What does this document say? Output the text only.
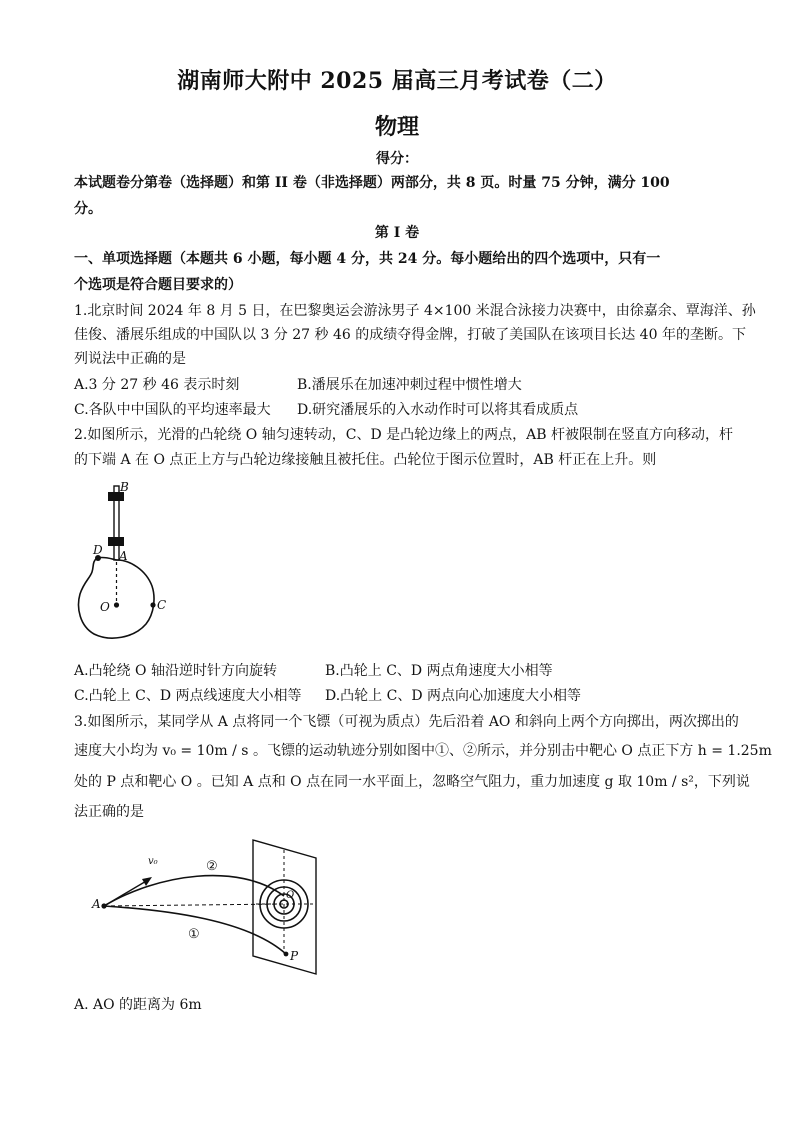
湖南师大附中 2025 届高三月考试卷（二）
物理
得分：
本试题卷分第卷（选择题）和第 II 卷（非选择题）两部分，共 8 页。时量 75 分钟，满分 100
分。
第 I 卷
一、单项选择题（本题共 6 小题，每小题 4 分，共 24 分。每小题给出的四个选项中，只有一
个选项是符合题目要求的）
1.北京时间 2024 年 8 月 5 日，在巴黎奥运会游泳男子 4×100 米混合泳接力决赛中，由徐嘉余、覃海洋、孙
佳俊、潘展乐组成的中国队以 3 分 27 秒 46 的成绩夺得金牌，打破了美国队在该项目长达 40 年的垄断。下
列说法中正确的是
A.3 分 27 秒 46 表示时刻	B.潘展乐在加速冲刺过程中惯性增大
C.各队中中国队的平均速率最大 D.研究潘展乐的入水动作时可以将其看成质点
2.如图所示，光滑的凸轮绕 O 轴匀速转动，C、D 是凸轮边缘上的两点，AB 杆被限制在竖直方向移动，杆
的下端 A 在 O 点正上方与凸轮边缘接触且被托住。凸轮位于图示位置时，AB 杆正在上升。则
B
A
D
O	C
A.凸轮绕 O 轴沿逆时针方向旋转	B.凸轮上 C、D 两点角速度大小相等
C.凸轮上 C、D 两点线速度大小相等 D.凸轮上 C、D 两点向心加速度大小相等
3.如图所示，某同学从 A 点将同一个飞镖（可视为质点）先后沿着 AO 和斜向上两个方向掷出，两次掷出的
速度大小均为 v₀ = 10m / s 。飞镖的运动轨迹分别如图中①、②所示，并分别击中靶心 O 点正下方 h = 1.25m
处的 P 点和靶心 O 。已知 A 点和 O 点在同一水平面上，忽略空气阻力，重力加速度 g 取 10m / s²，下列说
法正确的是
A
v₀	②
①
O
P
A. AO 的距离为 6m
